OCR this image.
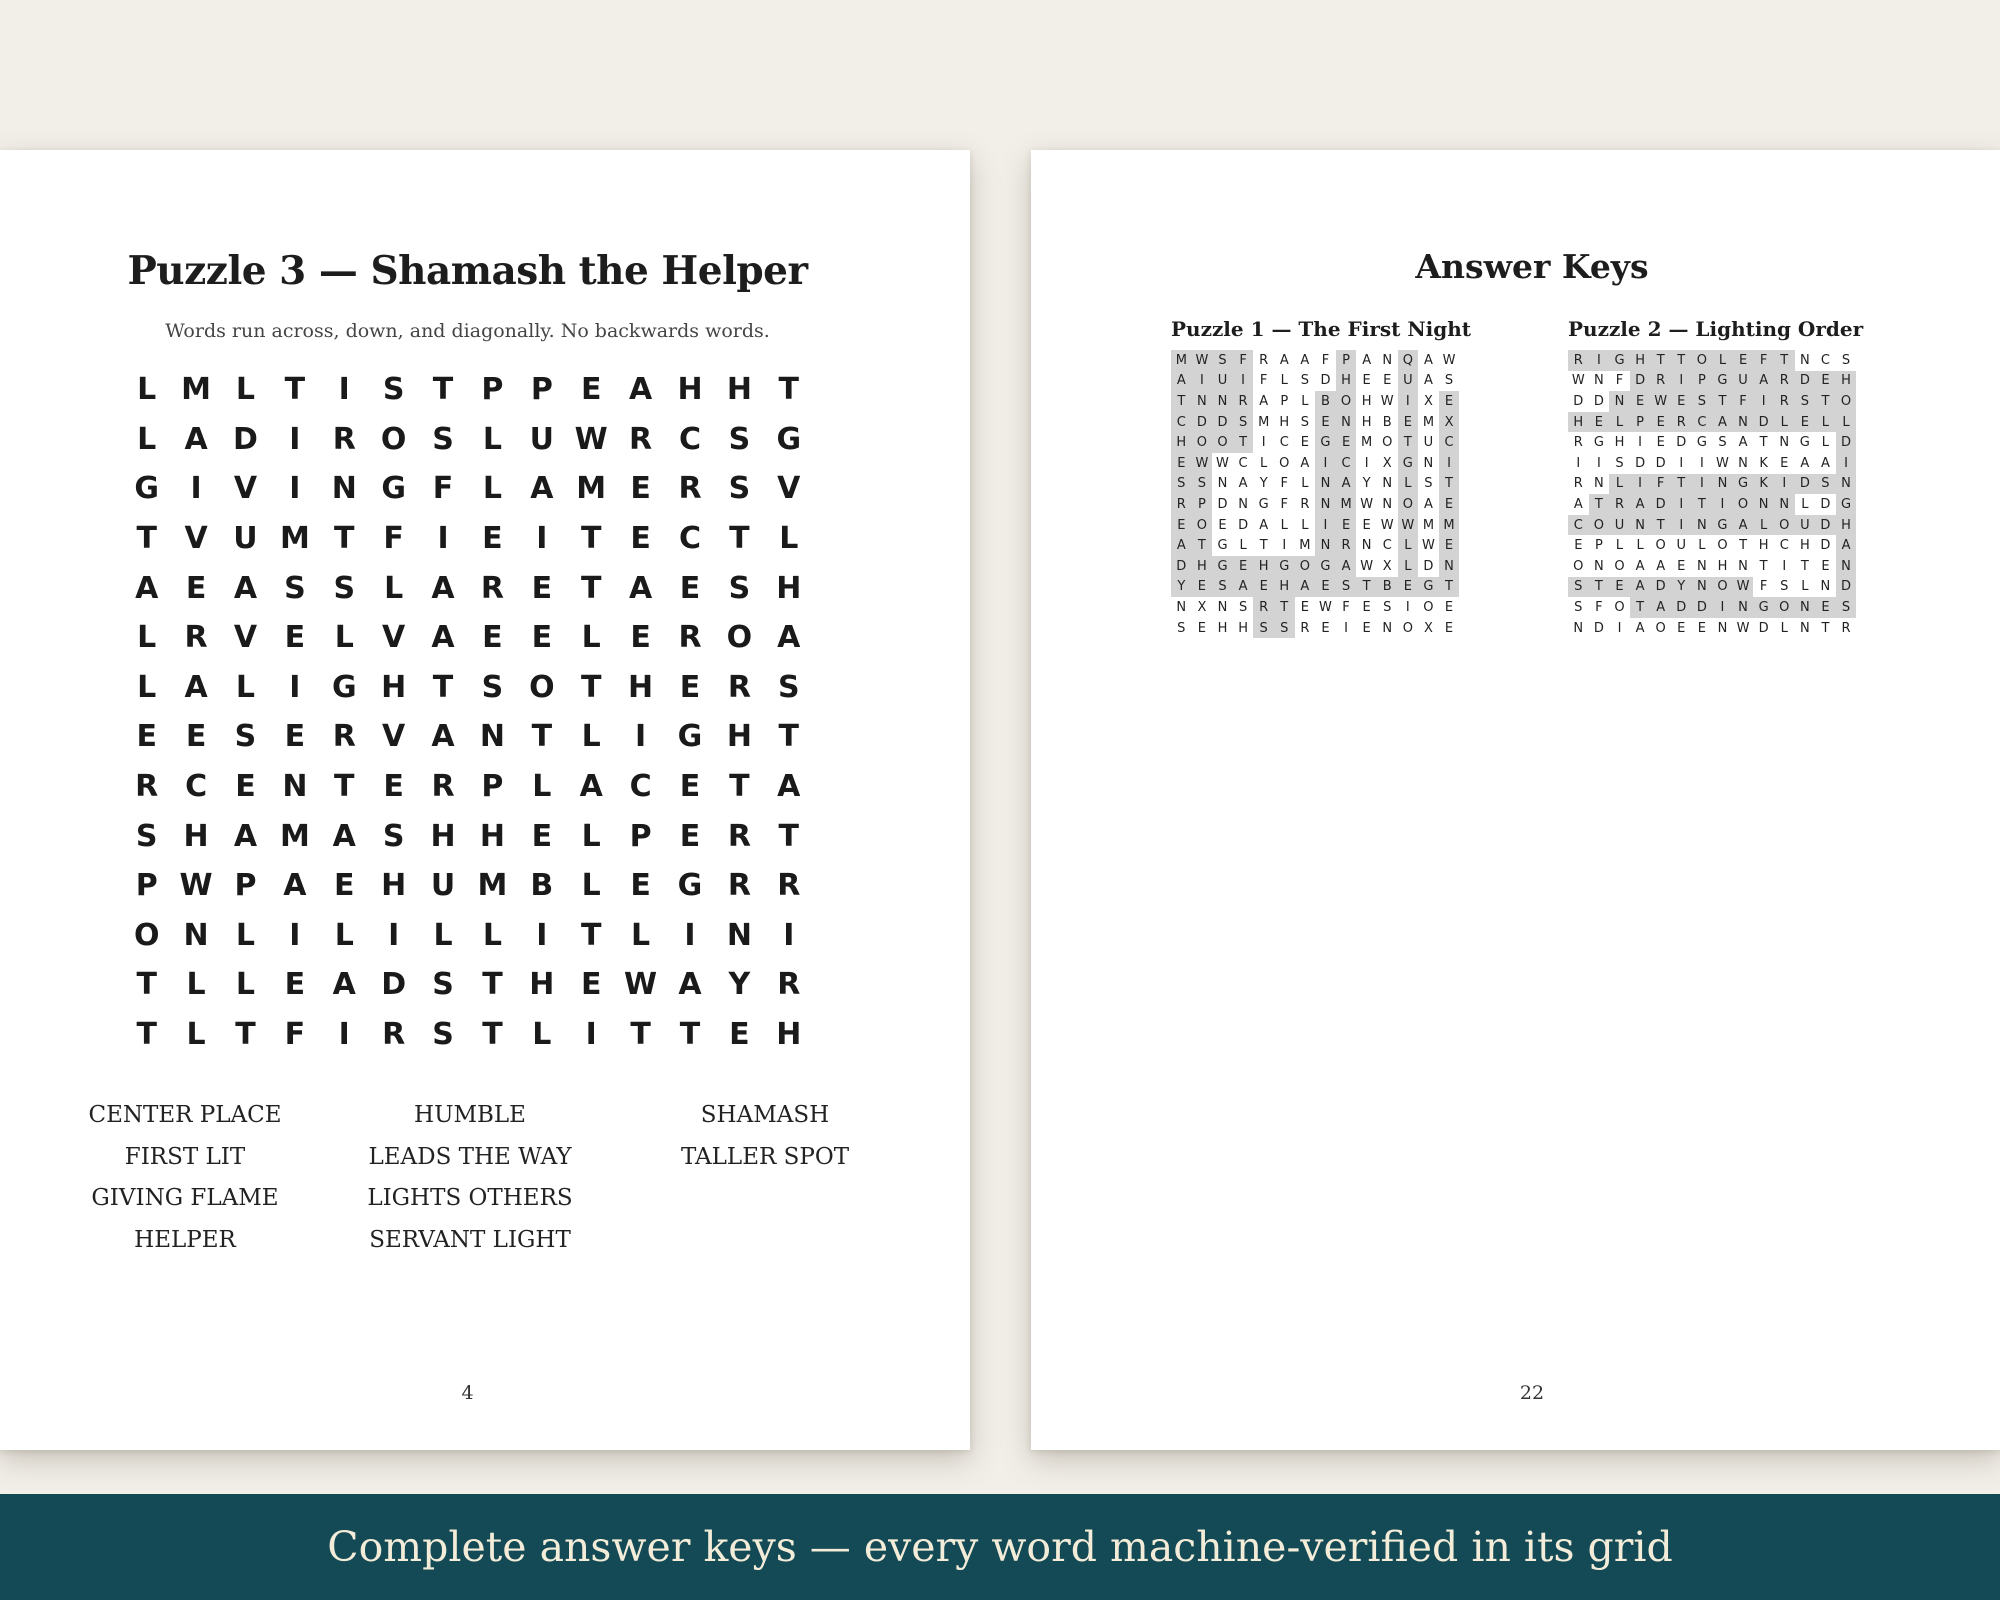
Puzzle 3 — Shamash the Helper
Words run across, down, and diagonally. No backwards words.
L M L T	I	S T P P E A H H T
L A D	I	R O S L U W R C S G
G	I	V	I	N G F L A M E R S V
T V U M T F	I	E	I	T E C T L
A E A S S L A R E T A E S H
L R V E L V A E E L E R O A
L A L	I	G H T S O T H E R S
E E S E R V A N T L	I	G H T
R C E N T E R P L A C E T A
S H A M A S H H E L P E R T
P W P A E H U M B L E G R R
O N L	I	L	I	L	L	I	T L	I	N	I
T L	L E A D S T H E W A Y R
T L T F	I	R S T L	I	T T E H
CENTER PLACE
FIRST LIT
GIVING FLAME
HELPER
HUMBLE
LEADS THE WAY
LIGHTS OTHERS
SERVANT LIGHT
SHAMASH
TALLER SPOT
4
Answer Keys
Puzzle 1 — The First Night
M W S F R A A F P A N Q A W
A	I	U	I	F	L S D H E E U A S
T N N R A P	L B O H W I	X E
C D D S M H S E N H B E M X
H O O T	I	C E G E M O T U C
E W W C L O A	I	C	I	X G N	I
S S N A Y F	L N A Y N L S T
R P D N G F R N M W N O A E
E O E D A L	L	I	E E W W M M
A T G L T	I	M N R N C L W E
D H G E H G O G A W X L D N
Y E S A E H A E S T B E G T
N X N S R T E W F E S	I	O E
S E H H S S R E	I	E N O X E
Puzzle 2 — Lighting Order
R	I	G H T T O L E F T N C S
W N F D R	I	P G U A R D E H
D D N E W E S T F	I	R S T O
H E L	P E R C A N D L E L	L
R G H	I	E D G S A T N G L D
I	I	S D D	I	I W N K E A A	I
R N L	I	F T	I	N G K	I	D S N
A T R A D	I	T	I	O N N L D G
C O U N T	I	N G A L O U D H
E P	L	L O U L O T H C H D A
O N O A A E N H N T	I	T E N
S T E A D Y N O W F S L N D
S F O T A D D	I	N G O N E S
N D	I	A O E E N W D L N T R
22
Complete answer keys — every word machine-verified in its grid
